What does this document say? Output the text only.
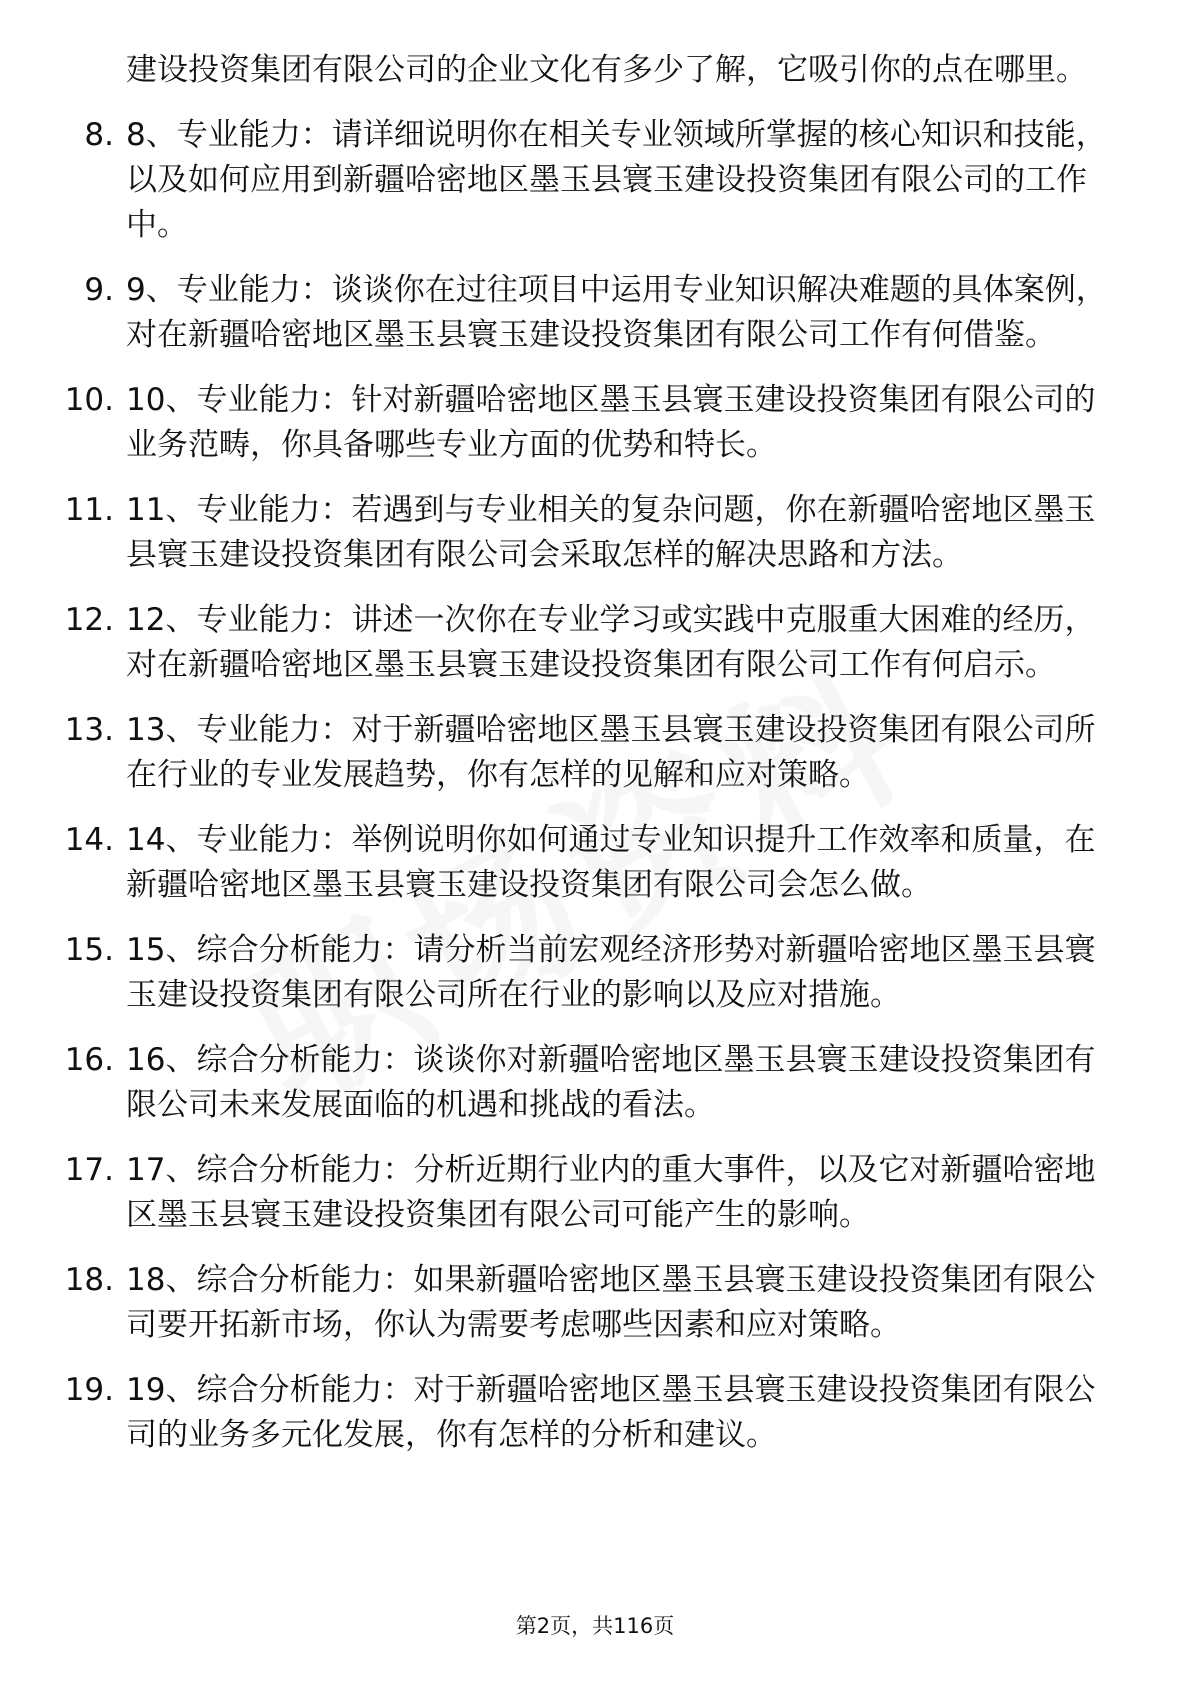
建设投资集团有限公司的企业文化有多少了解，它吸引你的点在哪里。
8. 8、专业能力：请详细说明你在相关专业领域所掌握的核心知识和技能，以及如何应用到新疆哈密地区墨玉县寰玉建设投资集团有限公司的工作中。
9. 9、专业能力：谈谈你在过往项目中运用专业知识解决难题的具体案例，对在新疆哈密地区墨玉县寰玉建设投资集团有限公司工作有何借鉴。
10. 10、专业能力：针对新疆哈密地区墨玉县寰玉建设投资集团有限公司的业务范畴，你具备哪些专业方面的优势和特长。
11. 11、专业能力：若遇到与专业相关的复杂问题，你在新疆哈密地区墨玉县寰玉建设投资集团有限公司会采取怎样的解决思路和方法。
12. 12、专业能力：讲述一次你在专业学习或实践中克服重大困难的经历，对在新疆哈密地区墨玉县寰玉建设投资集团有限公司工作有何启示。
13. 13、专业能力：对于新疆哈密地区墨玉县寰玉建设投资集团有限公司所在行业的专业发展趋势，你有怎样的见解和应对策略。
14. 14、专业能力：举例说明你如何通过专业知识提升工作效率和质量，在新疆哈密地区墨玉县寰玉建设投资集团有限公司会怎么做。
15. 15、综合分析能力：请分析当前宏观经济形势对新疆哈密地区墨玉县寰玉建设投资集团有限公司所在行业的影响以及应对措施。
16. 16、综合分析能力：谈谈你对新疆哈密地区墨玉县寰玉建设投资集团有限公司未来发展面临的机遇和挑战的看法。
17. 17、综合分析能力：分析近期行业内的重大事件，以及它对新疆哈密地区墨玉县寰玉建设投资集团有限公司可能产生的影响。
18. 18、综合分析能力：如果新疆哈密地区墨玉县寰玉建设投资集团有限公司要开拓新市场，你认为需要考虑哪些因素和应对策略。
19. 19、综合分析能力：对于新疆哈密地区墨玉县寰玉建设投资集团有限公司的业务多元化发展，你有怎样的分析和建议。
第2页，共116页
